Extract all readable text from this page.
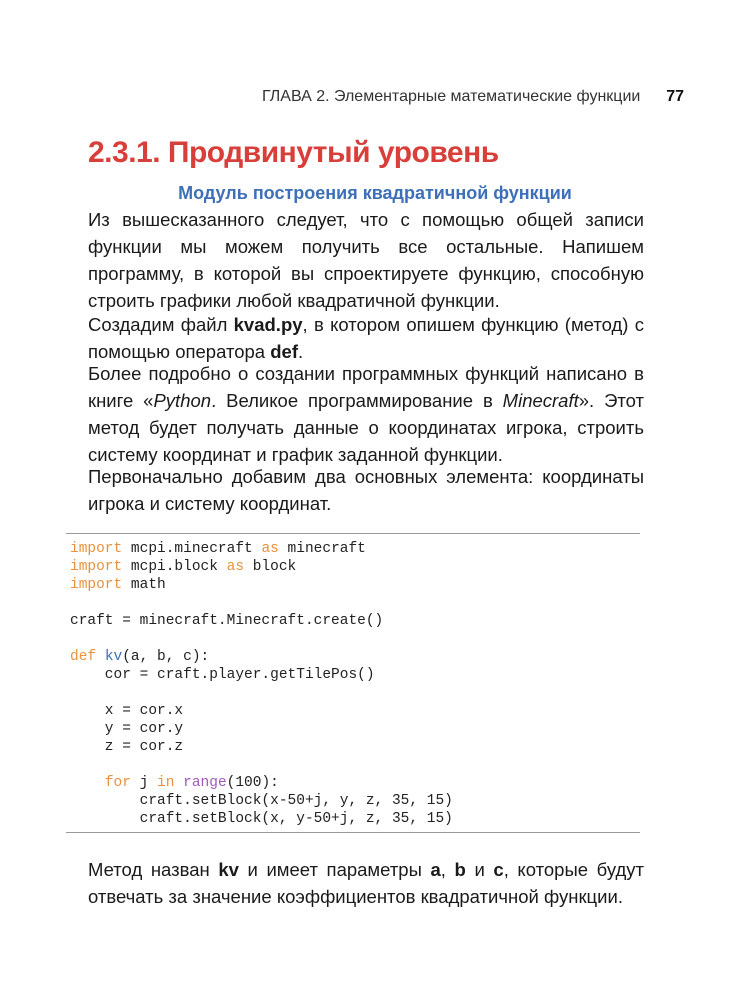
ГЛАВА 2. Элементарные математические функции 77
2.3.1. Продвинутый уровень
Модуль построения квадратичной функции

Из вышесказанного следует, что с помощью общей записи функции мы можем получить все остальные. Напишем программу, в которой вы спроектируете функцию, способную строить графики любой квадратичной функции.

Создадим файл kvad.py, в котором опишем функцию (метод) с помощью оператора def.

Более подробно о создании программных функций написано в книге «Python. Великое программирование в Minecraft». Этот метод будет получать данные о координатах игрока, строить систему координат и график заданной функции.

Первоначально добавим два основных элемента: координаты игрока и систему координат.

import mcpi.minecraft as minecraft
import mcpi.block as block
import math

craft = minecraft.Minecraft.create()

def kv(a, b, c):
cor = craft.player.getTilePos()

x = cor.x
y = cor.y
z = cor.z

for j in range(100):
craft.setBlock(x-50+j, y, z, 35, 15)
craft.setBlock(x, y-50+j, z, 35, 15)

Метод назван kv и имеет параметры a, b и c, которые будут отвечать за значение коэффициентов квадратичной функции.
